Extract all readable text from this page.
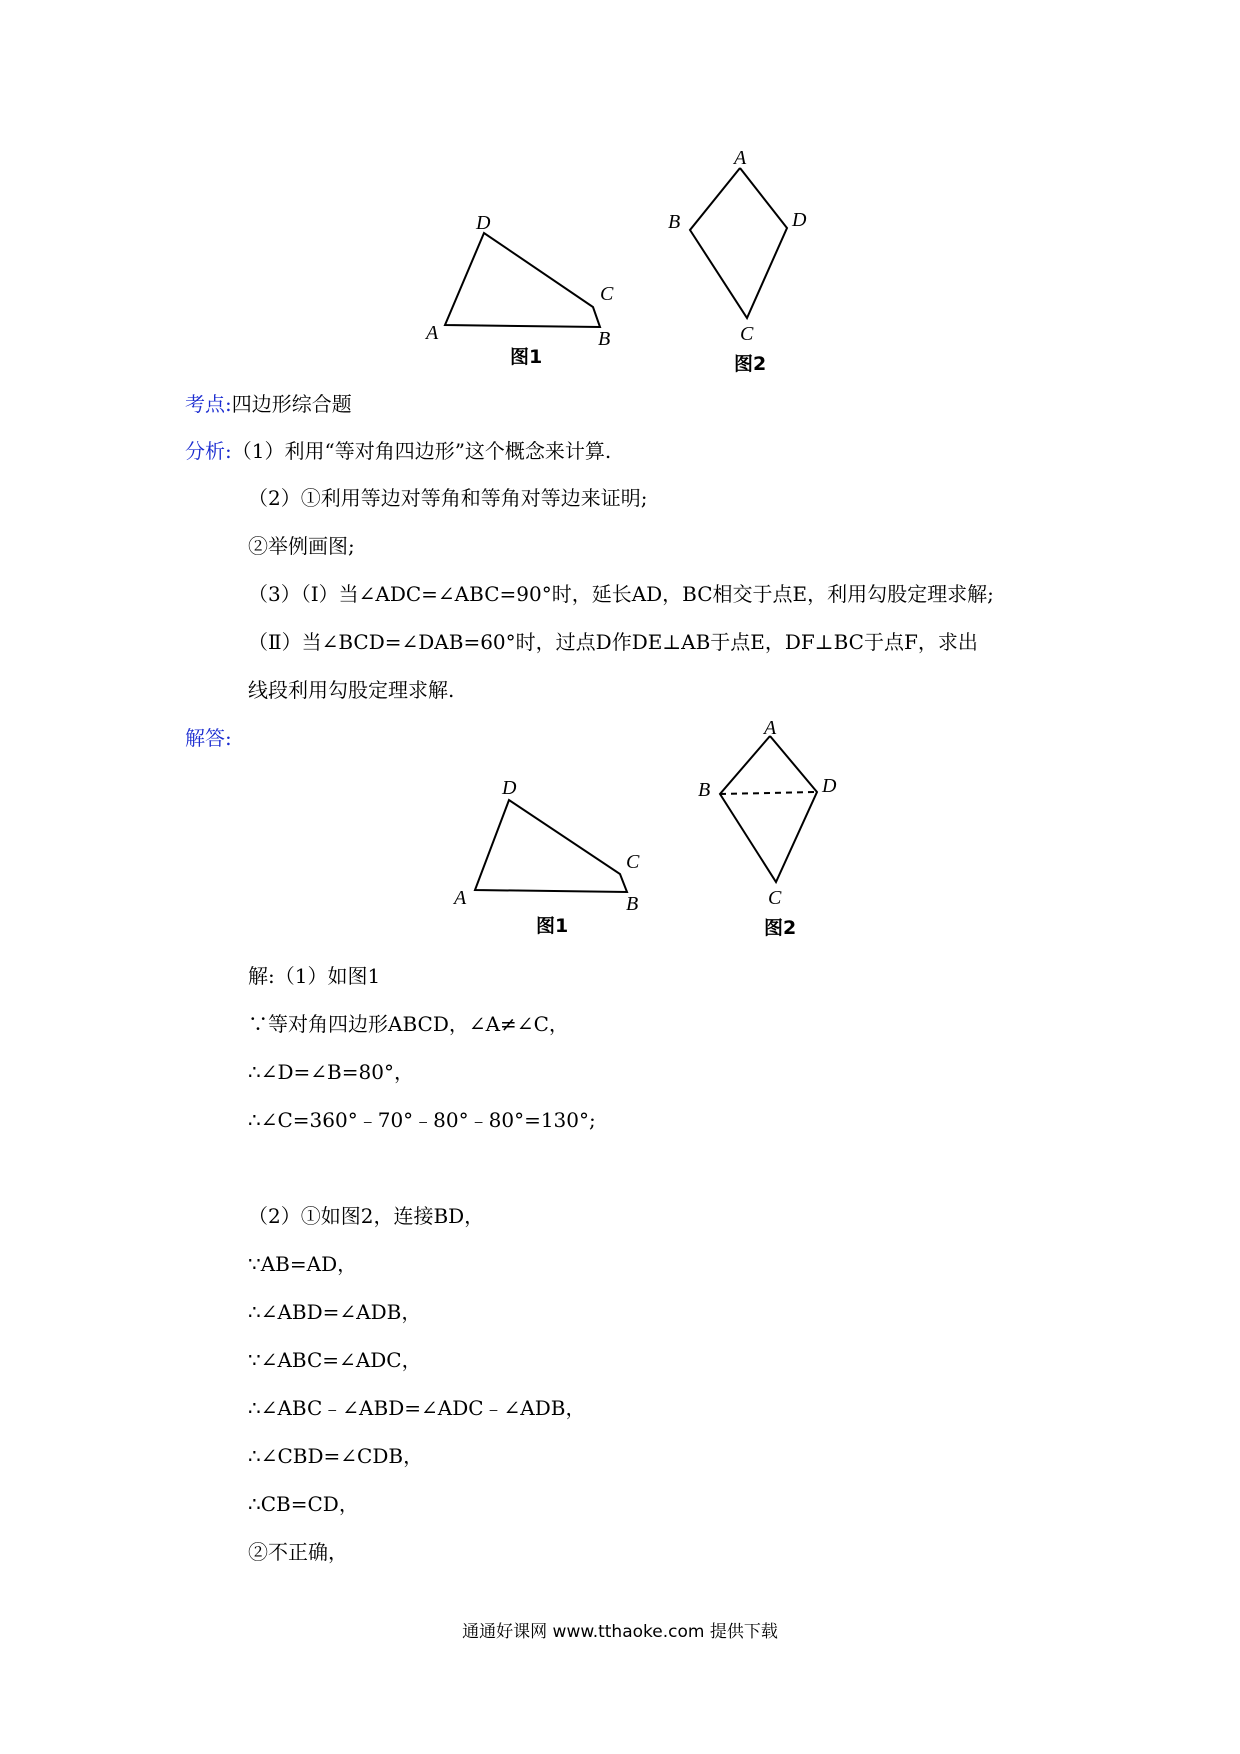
D
C
A	B
图1
A
B	D
C
图2
考点:四边形综合题
分析:（1）利用“等对角四边形”这个概念来计算.
（2）①利用等边对等角和等角对等边来证明;
②举例画图;
（3）（Ⅰ）当∠ADC=∠ABC=90°时，延长AD，BC相交于点E，利用勾股定理求解;
（Ⅱ）当∠BCD=∠DAB=60°时，过点D作DE⊥AB于点E，DF⊥BC于点F，求出
线段利用勾股定理求解.
解答:
D
C
A	B
图1
A
B	D
C
图2
解:（1）如图1
∵等对角四边形ABCD，∠A≠∠C，
∴∠D=∠B=80°，
∴∠C=360°﹣70°﹣80°﹣80°=130°;
（2）①如图2，连接BD，
∵AB=AD，
∴∠ABD=∠ADB，
∵∠ABC=∠ADC，
∴∠ABC﹣∠ABD=∠ADC﹣∠ADB，
∴∠CBD=∠CDB，
∴CB=CD，
②不正确，
通通好课网 www.tthaoke.com 提供下载
